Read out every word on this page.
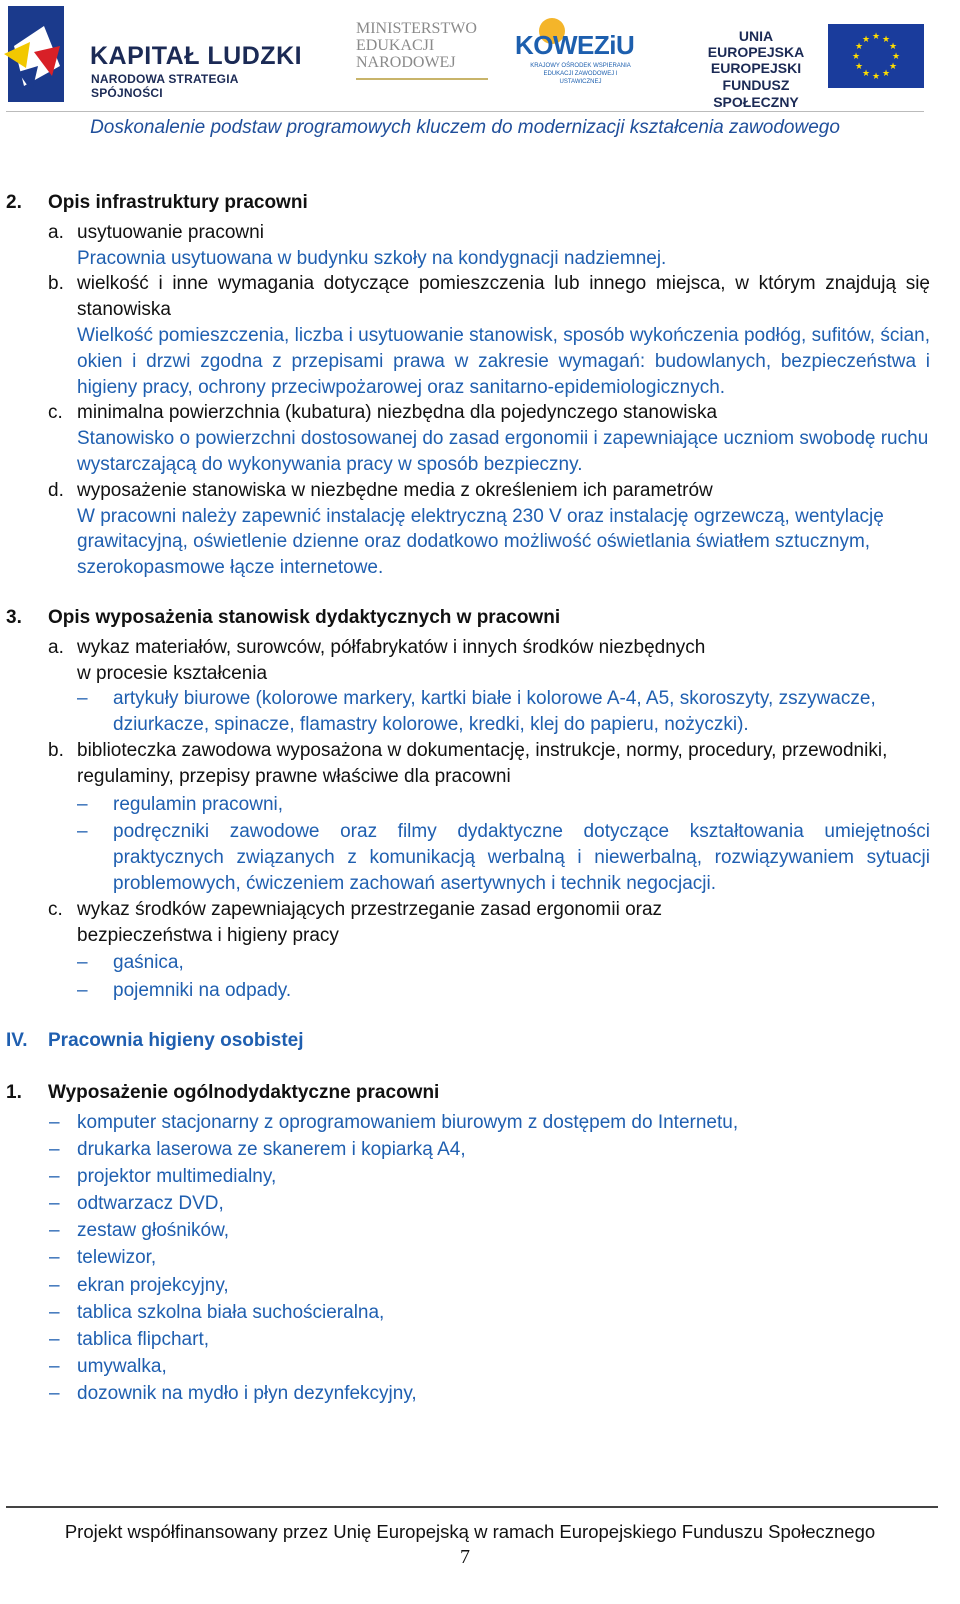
KAPITAŁ LUDZKI
NARODOWA STRATEGIA SPÓJNOŚCI
MINISTERSTWO
EDUKACJI
NARODOWEJ
KOWEZiU
KRAJOWY OŚRODEK WSPIERANIA EDUKACJI ZAWODOWEJ I USTAWICZNEJ
UNIA EUROPEJSKA
EUROPEJSKI
FUNDUSZ SPOŁECZNY
★ ★
★
★
★
★
★
★
★
★
★
★
Doskonalenie podstaw programowych kluczem do modernizacji kształcenia zawodowego
2. Opis infrastruktury pracowni
a. usytuowanie pracowni
Pracownia usytuowana w budynku szkoły na kondygnacji nadziemnej.
b. wielkość i inne wymagania dotyczące pomieszczenia lub innego miejsca, w którym znajdują się stanowiska
Wielkość pomieszczenia, liczba i usytuowanie stanowisk, sposób wykończenia podłóg, sufitów, ścian, okien i drzwi zgodna z przepisami prawa w zakresie wymagań: budowlanych, bezpieczeństwa i higieny pracy, ochrony przeciwpożarowej oraz sanitarno-epidemiologicznych.
c. minimalna powierzchnia (kubatura) niezbędna dla pojedynczego stanowiska
Stanowisko o powierzchni dostosowanej do zasad ergonomii i zapewniające uczniom swobodę ruchu wystarczającą do wykonywania pracy w sposób bezpieczny.
d. wyposażenie stanowiska w niezbędne media z określeniem ich parametrów
W pracowni należy zapewnić instalację elektryczną 230 V oraz instalację ogrzewczą, wentylację grawitacyjną, oświetlenie dzienne oraz dodatkowo możliwość oświetlania światłem sztucznym, szerokopasmowe łącze internetowe.
3. Opis wyposażenia stanowisk dydaktycznych w pracowni
a. wykaz materiałów, surowców, półfabrykatów i innych środków niezbędnych
w procesie kształcenia
– artykuły biurowe (kolorowe markery, kartki białe i kolorowe A-4, A5, skoroszyty, zszywacze, dziurkacze, spinacze, flamastry kolorowe, kredki, klej do papieru, nożyczki).
b. biblioteczka zawodowa wyposażona w dokumentację, instrukcje, normy, procedury, przewodniki, regulaminy, przepisy prawne właściwe dla pracowni
– regulamin pracowni,
– podręczniki zawodowe oraz filmy dydaktyczne dotyczące kształtowania umiejętności praktycznych związanych z komunikacją werbalną i niewerbalną, rozwiązywaniem sytuacji problemowych, ćwiczeniem zachowań asertywnych i technik negocjacji.
c. wykaz środków zapewniających przestrzeganie zasad ergonomii oraz
bezpieczeństwa i higieny pracy
– gaśnica,
– pojemniki na odpady.
IV. Pracownia higieny osobistej
1. Wyposażenie ogólnodydaktyczne pracowni
– komputer stacjonarny z oprogramowaniem biurowym z dostępem do Internetu,
– drukarka laserowa ze skanerem i kopiarką A4,
– projektor multimedialny,
– odtwarzacz DVD,
– zestaw głośników,
– telewizor,
– ekran projekcyjny,
– tablica szkolna biała suchościeralna,
– tablica flipchart,
– umywalka,
– dozownik na mydło i płyn dezynfekcyjny,
Projekt współfinansowany przez Unię Europejską w ramach Europejskiego Funduszu Społecznego
7
